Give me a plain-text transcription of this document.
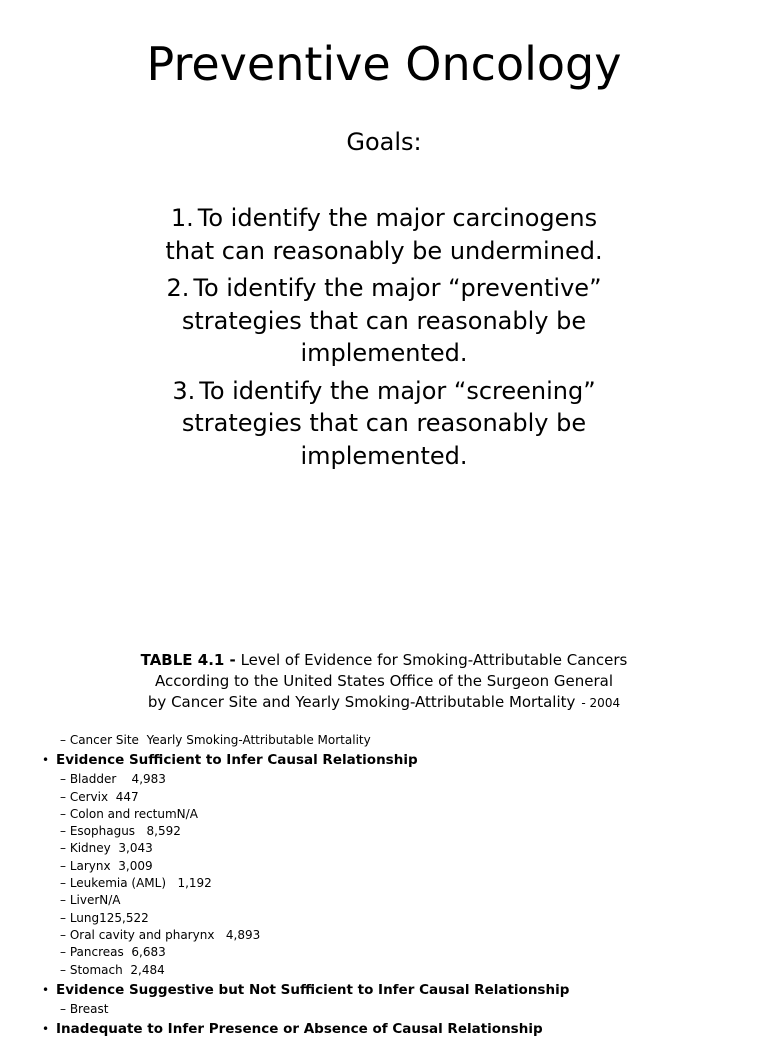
Preventive Oncology
Goals:
1. To identify the major carcinogens
that can reasonably be undermined.
2. To identify the major “preventive”
strategies that can reasonably be
implemented.
3. To identify the major “screening”
strategies that can reasonably be
implemented.
TABLE 4.1 - Level of Evidence for Smoking-Attributable Cancers
According to the United States Office of the Surgeon General
by Cancer Site and Yearly Smoking-Attributable Mortality - 2004
– Cancer Site  Yearly Smoking-Attributable Mortality
• Evidence Sufficient to Infer Causal Relationship
– Bladder    4,983
– Cervix  447
– Colon and rectumN/A
– Esophagus   8,592
– Kidney  3,043
– Larynx  3,009
– Leukemia (AML)   1,192
– LiverN/A
– Lung125,522
– Oral cavity and pharynx   4,893
– Pancreas  6,683
– Stomach  2,484
• Evidence Suggestive but Not Sufficient to Infer Causal Relationship
– Breast
• Inadequate to Infer Presence or Absence of Causal Relationship
